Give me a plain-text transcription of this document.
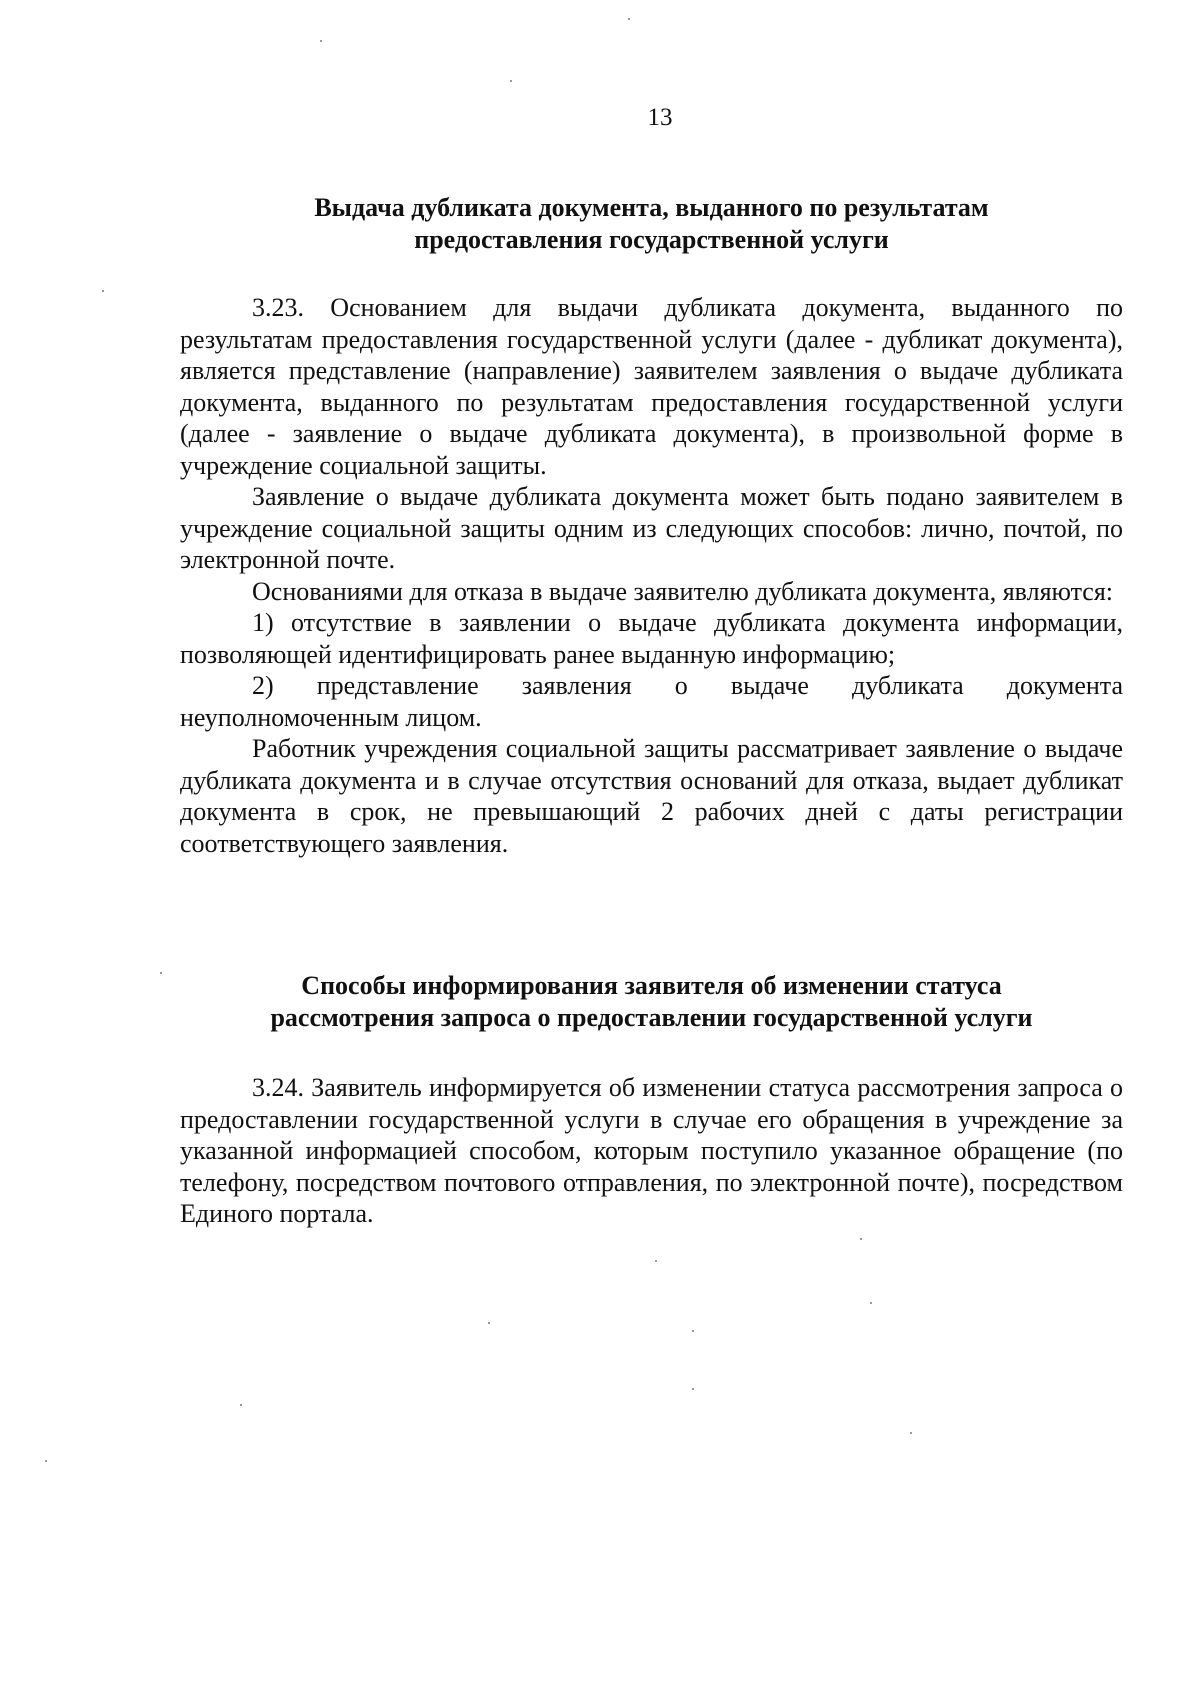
13
Выдача дубликата документа, выданного по результатам
предоставления государственной услуги

3.23. Основанием для выдачи дубликата документа, выданного по результатам предоставления государственной услуги (далее - дубликат документа), является представление (направление) заявителем заявления о выдаче дубликата документа, выданного по результатам предоставления государственной услуги (далее - заявление о выдаче дубликата документа), в произвольной форме в учреждение социальной защиты.

Заявление о выдаче дубликата документа может быть подано заявителем в учреждение социальной защиты одним из следующих способов: лично, почтой, по электронной почте.

Основаниями для отказа в выдаче заявителю дубликата документа, являются:

1) отсутствие в заявлении о выдаче дубликата документа информации, позволяющей идентифицировать ранее выданную информацию;

2) представление заявления о выдаче дубликата документа неуполномоченным лицом.

Работник учреждения социальной защиты рассматривает заявление о выдаче дубликата документа и в случае отсутствия оснований для отказа, выдает дубликат документа в срок, не превышающий 2 рабочих дней с даты регистрации соответствующего заявления.

Способы информирования заявителя об изменении статуса
рассмотрения запроса о предоставлении государственной услуги

3.24. Заявитель информируется об изменении статуса рассмотрения запроса о предоставлении государственной услуги в случае его обращения в учреждение за указанной информацией способом, которым поступило указанное обращение (по телефону, посредством почтового отправления, по электронной почте), посредством Единого портала.
